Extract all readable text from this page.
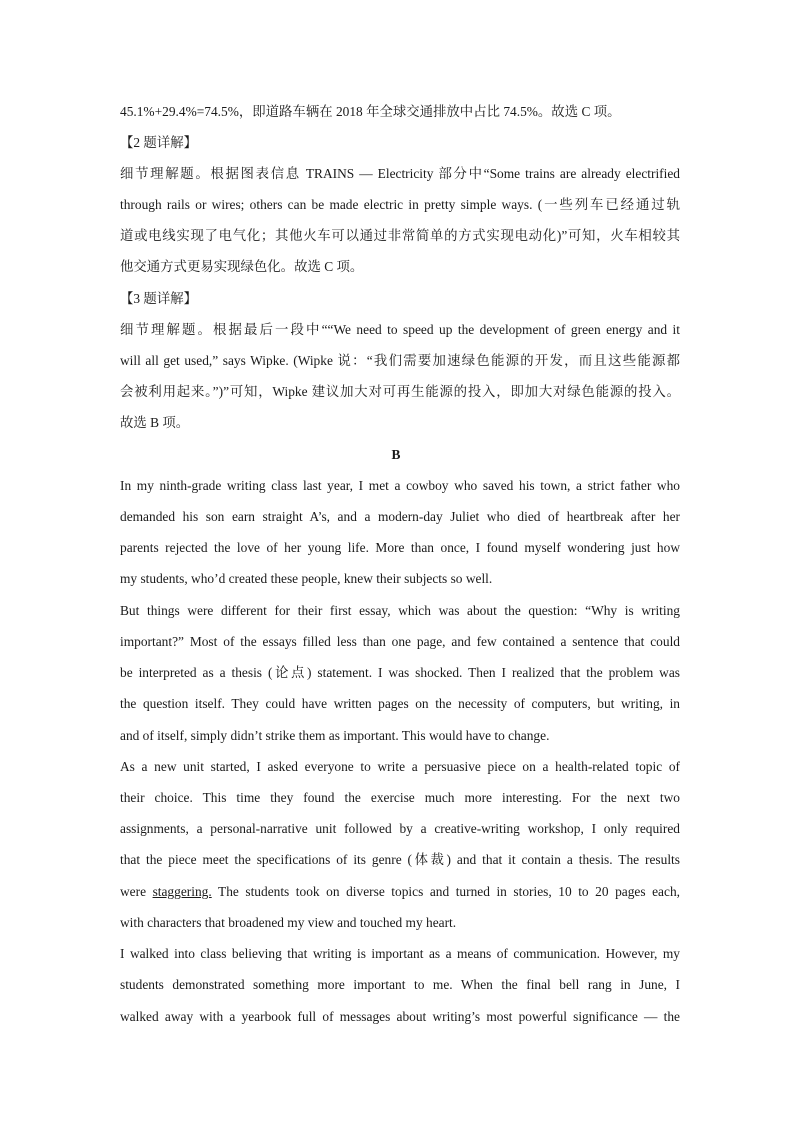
45.1%+29.4%=74.5%，即道路车辆在 2018 年全球交通排放中占比 74.5%。故选 C 项。
【2 题详解】
细节理解题。根据图表信息 TRAINS — Electricity 部分中“Some trains are already electrified
through rails or wires; others can be made electric in pretty simple ways. (一些列车已经通过轨
道或电线实现了电气化；其他火车可以通过非常简单的方式实现电动化)”可知，火车相较其
他交通方式更易实现绿色化。故选 C 项。
【3 题详解】
细节理解题。根据最后一段中““We need to speed up the development of green energy and it
will all get used,” says Wipke. (Wipke 说：“我们需要加速绿色能源的开发，而且这些能源都
会被利用起来。”)”可知，Wipke 建议加大对可再生能源的投入，即加大对绿色能源的投入。
故选 B 项。
B
In my ninth-grade writing class last year, I met a cowboy who saved his town, a strict father who
demanded his son earn straight A’s, and a modern-day Juliet who died of heartbreak after her
parents rejected the love of her young life. More than once, I found myself wondering just how
my students, who’d created these people, knew their subjects so well.
But things were different for their first essay, which was about the question: “Why is writing
important?” Most of the essays filled less than one page, and few contained a sentence that could
be interpreted as a thesis (论点) statement. I was shocked. Then I realized that the problem was
the question itself. They could have written pages on the necessity of computers, but writing, in
and of itself, simply didn’t strike them as important. This would have to change.
As a new unit started, I asked everyone to write a persuasive piece on a health-related topic of
their choice. This time they found the exercise much more interesting. For the next two
assignments, a personal-narrative unit followed by a creative-writing workshop, I only required
that the piece meet the specifications of its genre (体裁) and that it contain a thesis. The results
were staggering. The students took on diverse topics and turned in stories, 10 to 20 pages each,
with characters that broadened my view and touched my heart.
I walked into class believing that writing is important as a means of communication. However, my
students demonstrated something more important to me. When the final bell rang in June, I
walked away with a yearbook full of messages about writing’s most powerful significance — the
